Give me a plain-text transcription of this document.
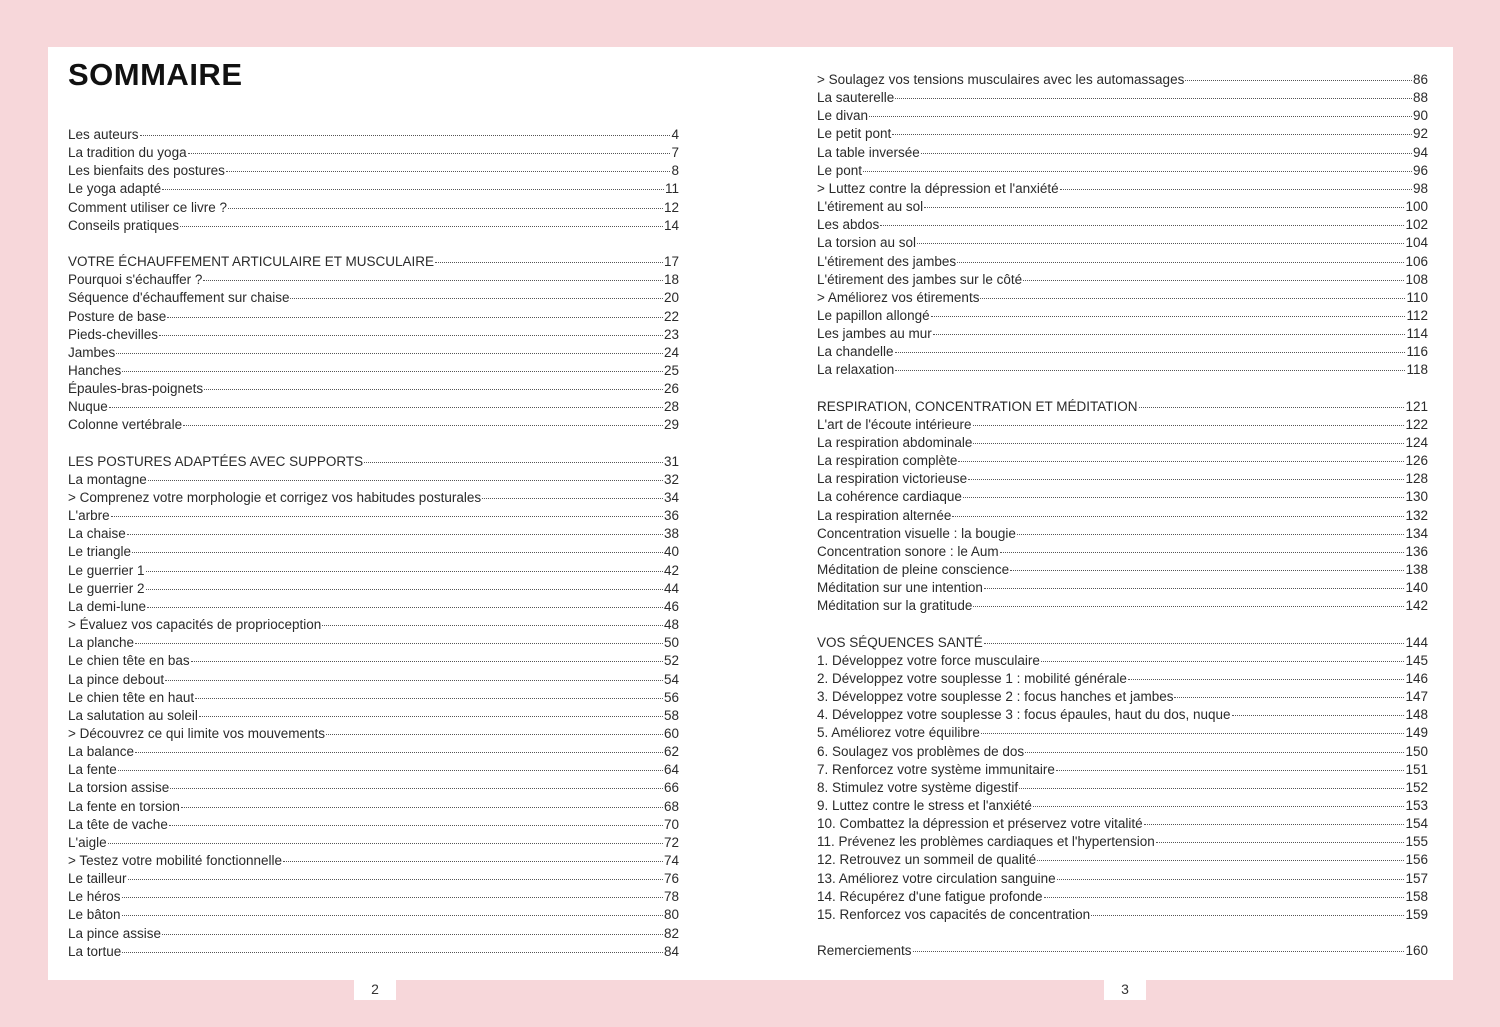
SOMMAIRE
Les auteurs	4
La tradition du yoga	7
Les bienfaits des postures	8
Le yoga adapté	11
Comment utiliser ce livre ?	12
Conseils pratiques	14
VOTRE ÉCHAUFFEMENT ARTICULAIRE ET MUSCULAIRE	17
Pourquoi s'échauffer ?	18
Séquence d'échauffement sur chaise	20
Posture de base	22
Pieds-chevilles	23
Jambes	24
Hanches	25
Épaules-bras-poignets	26
Nuque	28
Colonne vertébrale	29
LES POSTURES ADAPTÉES AVEC SUPPORTS	31
La montagne	32
> Comprenez votre morphologie et corrigez vos habitudes posturales	34
L'arbre	36
La chaise	38
Le triangle	40
Le guerrier 1	42
Le guerrier 2	44
La demi-lune	46
> Évaluez vos capacités de proprioception	48
La planche	50
Le chien tête en bas	52
La pince debout	54
Le chien tête en haut	56
La salutation au soleil	58
> Découvrez ce qui limite vos mouvements	60
La balance	62
La fente	64
La torsion assise	66
La fente en torsion	68
La tête de vache	70
L'aigle	72
> Testez votre mobilité fonctionnelle	74
Le tailleur	76
Le héros	78
Le bâton	80
La pince assise	82
La tortue	84
> Soulagez vos tensions musculaires avec les automassages	86
La sauterelle	88
Le divan	90
Le petit pont	92
La table inversée	94
Le pont	96
> Luttez contre la dépression et l'anxiété	98
L'étirement au sol	100
Les abdos	102
La torsion au sol	104
L'étirement des jambes	106
L'étirement des jambes sur le côté	108
> Améliorez vos étirements	110
Le papillon allongé	112
Les jambes au mur	114
La chandelle	116
La relaxation	118
RESPIRATION, CONCENTRATION ET MÉDITATION	121
L'art de l'écoute intérieure	122
La respiration abdominale	124
La respiration complète	126
La respiration victorieuse	128
La cohérence cardiaque	130
La respiration alternée	132
Concentration visuelle : la bougie	134
Concentration sonore : le Aum	136
Méditation de pleine conscience	138
Méditation sur une intention	140
Méditation sur la gratitude	142
VOS SÉQUENCES SANTÉ	144
1. Développez votre force musculaire	145
2. Développez votre souplesse 1 : mobilité générale	146
3. Développez votre souplesse 2 : focus hanches et jambes	147
4. Développez votre souplesse 3 : focus épaules, haut du dos, nuque	148
5. Améliorez votre équilibre	149
6. Soulagez vos problèmes de dos	150
7. Renforcez votre système immunitaire	151
8. Stimulez votre système digestif	152
9. Luttez contre le stress et l'anxiété	153
10. Combattez la dépression et préservez votre vitalité	154
11. Prévenez les problèmes cardiaques et l'hypertension	155
12. Retrouvez un sommeil de qualité	156
13. Améliorez votre circulation sanguine	157
14. Récupérez d'une fatigue profonde	158
15. Renforcez vos capacités de concentration	159
Remerciements	160
2	3
